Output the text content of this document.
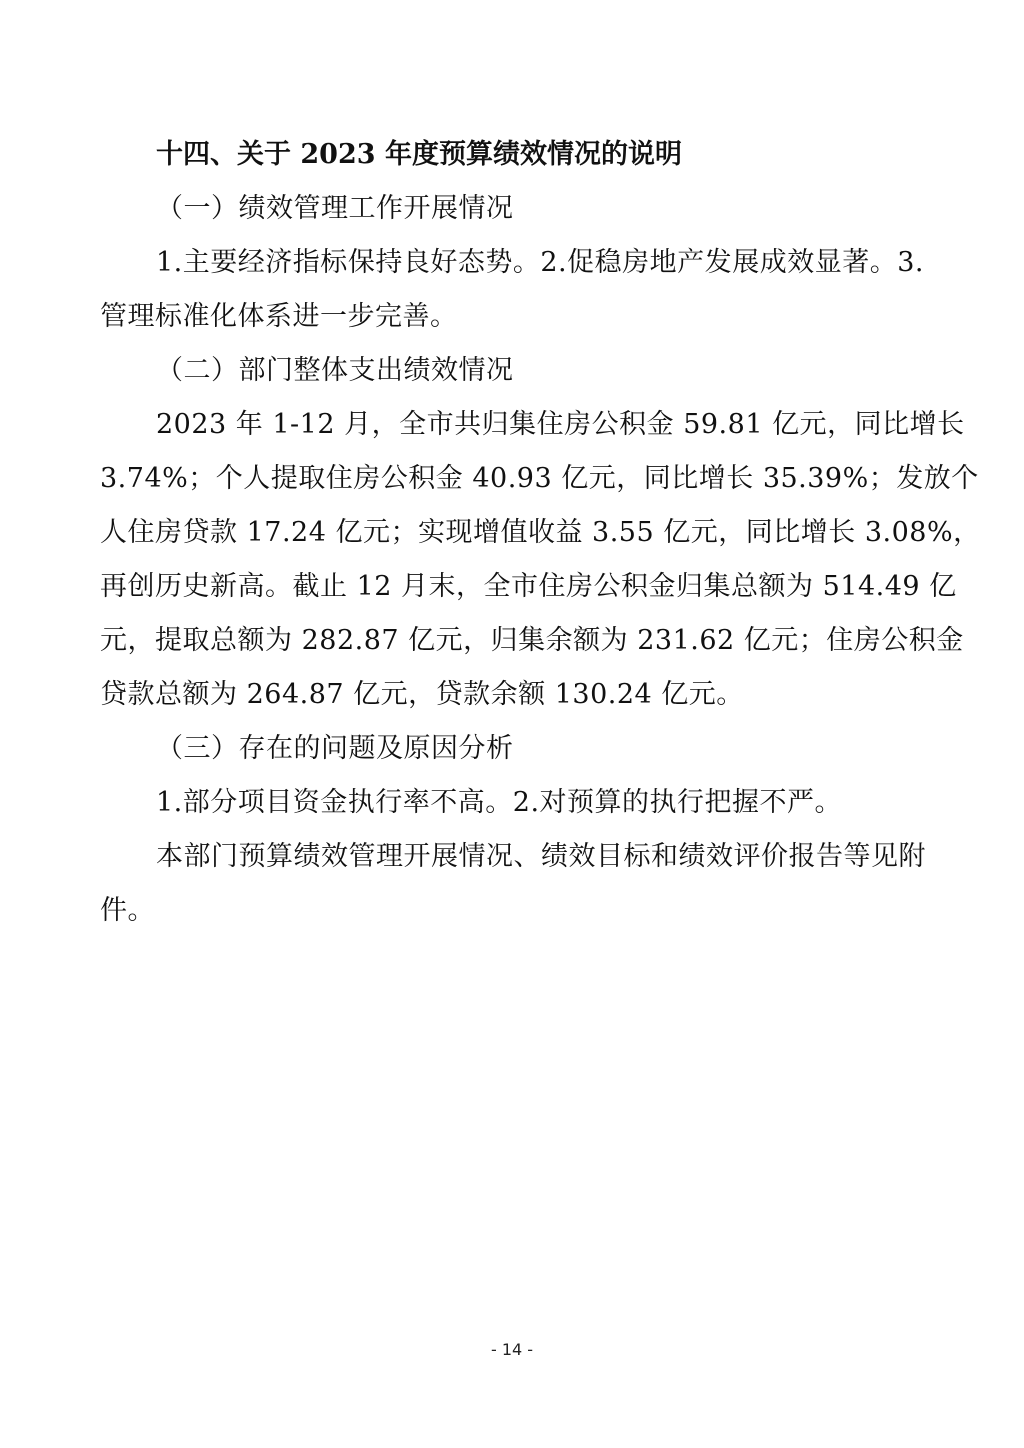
十四、关于 2023 年度预算绩效情况的说明

（一）绩效管理工作开展情况

1.主要经济指标保持良好态势。2.促稳房地产发展成效显著。3.

管理标准化体系进一步完善。

（二）部门整体支出绩效情况

2023 年 1-12 月，全市共归集住房公积金 59.81 亿元，同比增长

3.74%；个人提取住房公积金 40.93 亿元，同比增长 35.39%；发放个

人住房贷款 17.24 亿元；实现增值收益 3.55 亿元，同比增长 3.08%，

再创历史新高。截止 12 月末，全市住房公积金归集总额为 514.49 亿

元，提取总额为 282.87 亿元，归集余额为 231.62 亿元；住房公积金

贷款总额为 264.87 亿元，贷款余额 130.24 亿元。

（三）存在的问题及原因分析

1.部分项目资金执行率不高。2.对预算的执行把握不严。

本部门预算绩效管理开展情况、绩效目标和绩效评价报告等见附

件。

- 14 -
